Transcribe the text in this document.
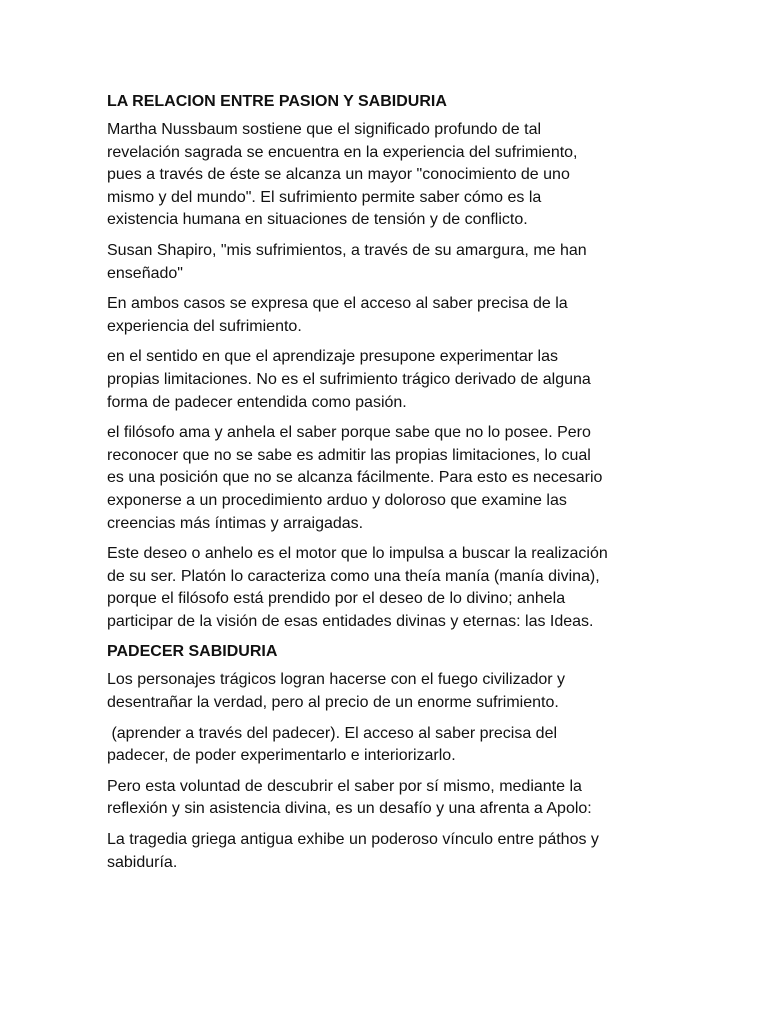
LA RELACION ENTRE PASION Y SABIDURIA
Martha Nussbaum sostiene que el significado profundo de tal
revelación sagrada se encuentra en la experiencia del sufrimiento,
pues a través de éste se alcanza un mayor "conocimiento de uno
mismo y del mundo". El sufrimiento permite saber cómo es la
existencia humana en situaciones de tensión y de conflicto.
Susan Shapiro, "mis sufrimientos, a través de su amargura, me han
enseñado"
En ambos casos se expresa que el acceso al saber precisa de la
experiencia del sufrimiento.
en el sentido en que el aprendizaje presupone experimentar las
propias limitaciones. No es el sufrimiento trágico derivado de alguna
forma de padecer entendida como pasión.
el filósofo ama y anhela el saber porque sabe que no lo posee. Pero
reconocer que no se sabe es admitir las propias limitaciones, lo cual
es una posición que no se alcanza fácilmente. Para esto es necesario
exponerse a un procedimiento arduo y doloroso que examine las
creencias más íntimas y arraigadas.
Este deseo o anhelo es el motor que lo impulsa a buscar la realización
de su ser. Platón lo caracteriza como una theía manía (manía divina),
porque el filósofo está prendido por el deseo de lo divino; anhela
participar de la visión de esas entidades divinas y eternas: las Ideas.
PADECER SABIDURIA
Los personajes trágicos logran hacerse con el fuego civilizador y
desentrañar la verdad, pero al precio de un enorme sufrimiento.
(aprender a través del padecer). El acceso al saber precisa del
padecer, de poder experimentarlo e interiorizarlo.
Pero esta voluntad de descubrir el saber por sí mismo, mediante la
reflexión y sin asistencia divina, es un desafío y una afrenta a Apolo:
La tragedia griega antigua exhibe un poderoso vínculo entre páthos y
sabiduría.
